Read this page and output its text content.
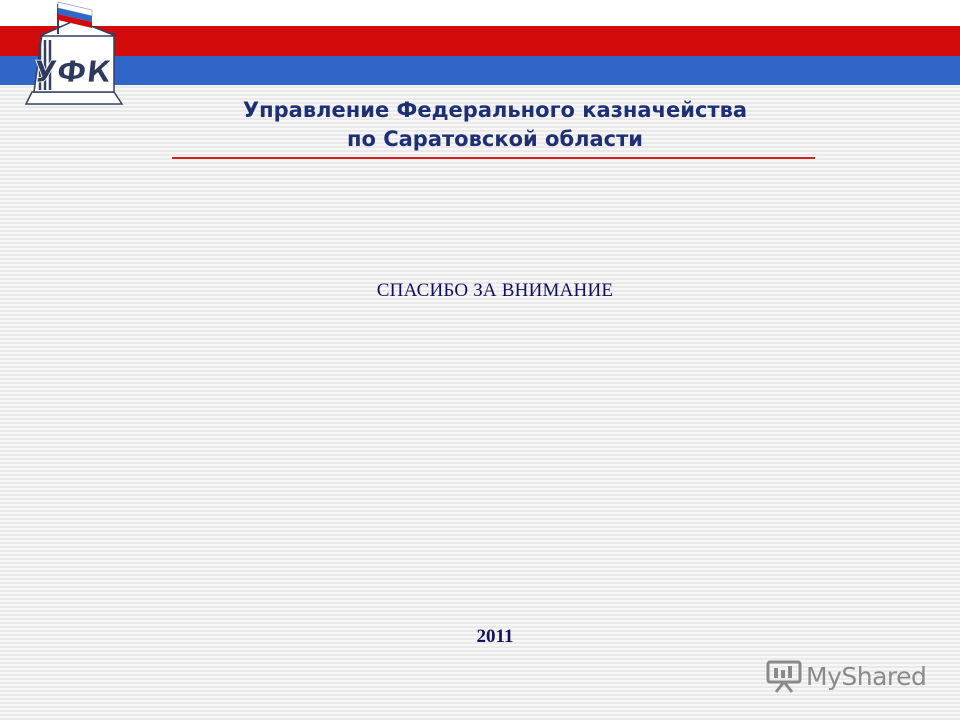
УФК
Управление Федерального казначейства
по Саратовской области
СПАСИБО ЗА ВНИМАНИЕ
2011
MyShared
